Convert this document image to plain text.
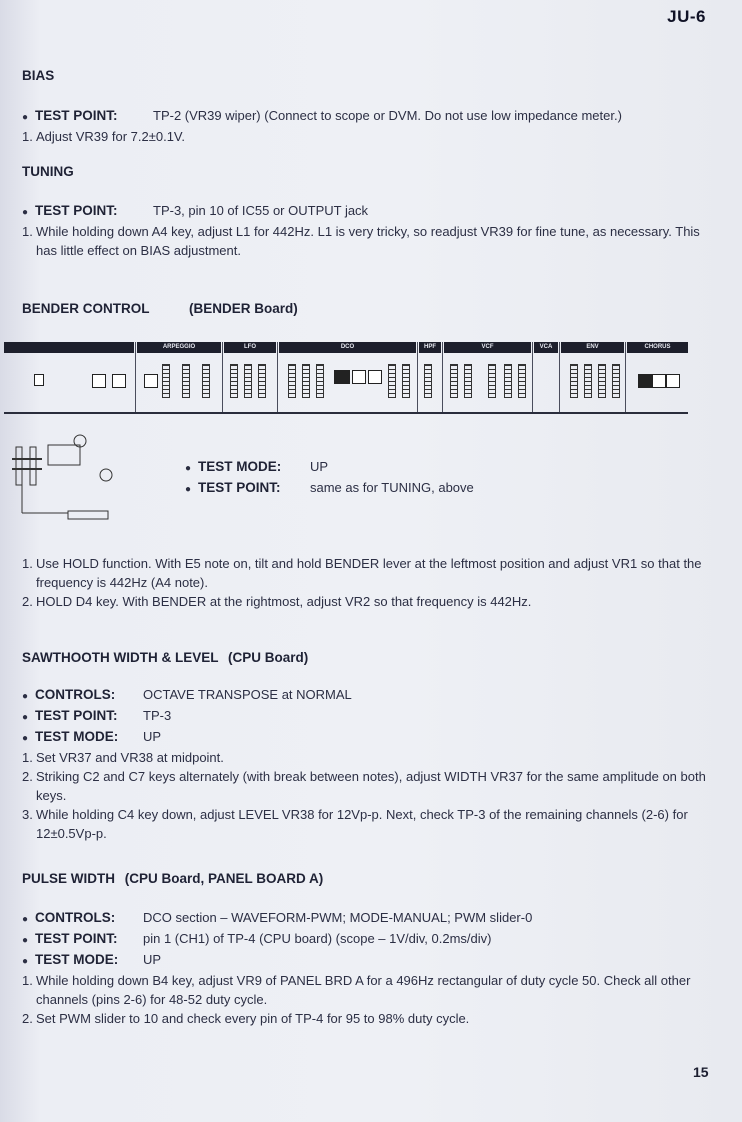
JU-6
BIAS
● TEST POINT:	TP-2 (VR39 wiper) (Connect to scope or DVM. Do not use low impedance meter.)
1. Adjust VR39 for 7.2±0.1V.
TUNING
● TEST POINT:	TP-3, pin 10 of IC55 or OUTPUT jack
1. While holding down A4 key, adjust L1 for 442Hz. L1 is very tricky, so readjust VR39 for fine tune, as necessary. This has little effect on BIAS adjustment.
BENDER CONTROL	(BENDER Board)
ARPEGGIO	LFO	DCO	HPF	VCF	VCA	ENV	CHORUS
● TEST MODE:	UP
● TEST POINT:	same as for TUNING, above
1. Use HOLD function. With E5 note on, tilt and hold BENDER lever at the leftmost position and adjust VR1 so that the frequency is 442Hz (A4 note).
2. HOLD D4 key. With BENDER at the rightmost, adjust VR2 so that frequency is 442Hz.
SAWTHOOTH WIDTH & LEVEL (CPU Board)
● CONTROLS:	OCTAVE TRANSPOSE at NORMAL
● TEST POINT:	TP-3
● TEST MODE:	UP
1. Set VR37 and VR38 at midpoint.
2. Striking C2 and C7 keys alternately (with break between notes), adjust WIDTH VR37 for the same amplitude on both keys.
3. While holding C4 key down, adjust LEVEL VR38 for 12Vp-p. Next, check TP-3 of the remaining channels (2-6) for 12±0.5Vp-p.
PULSE WIDTH (CPU Board, PANEL BOARD A)
● CONTROLS:	DCO section – WAVEFORM-PWM; MODE-MANUAL; PWM slider-0
● TEST POINT:	pin 1 (CH1) of TP-4 (CPU board) (scope – 1V/div, 0.2ms/div)
● TEST MODE:	UP
1. While holding down B4 key, adjust VR9 of PANEL BRD A for a 496Hz rectangular of duty cycle 50. Check all other channels (pins 2-6) for 48-52 duty cycle.
2. Set PWM slider to 10 and check every pin of TP-4 for 95 to 98% duty cycle.
15
